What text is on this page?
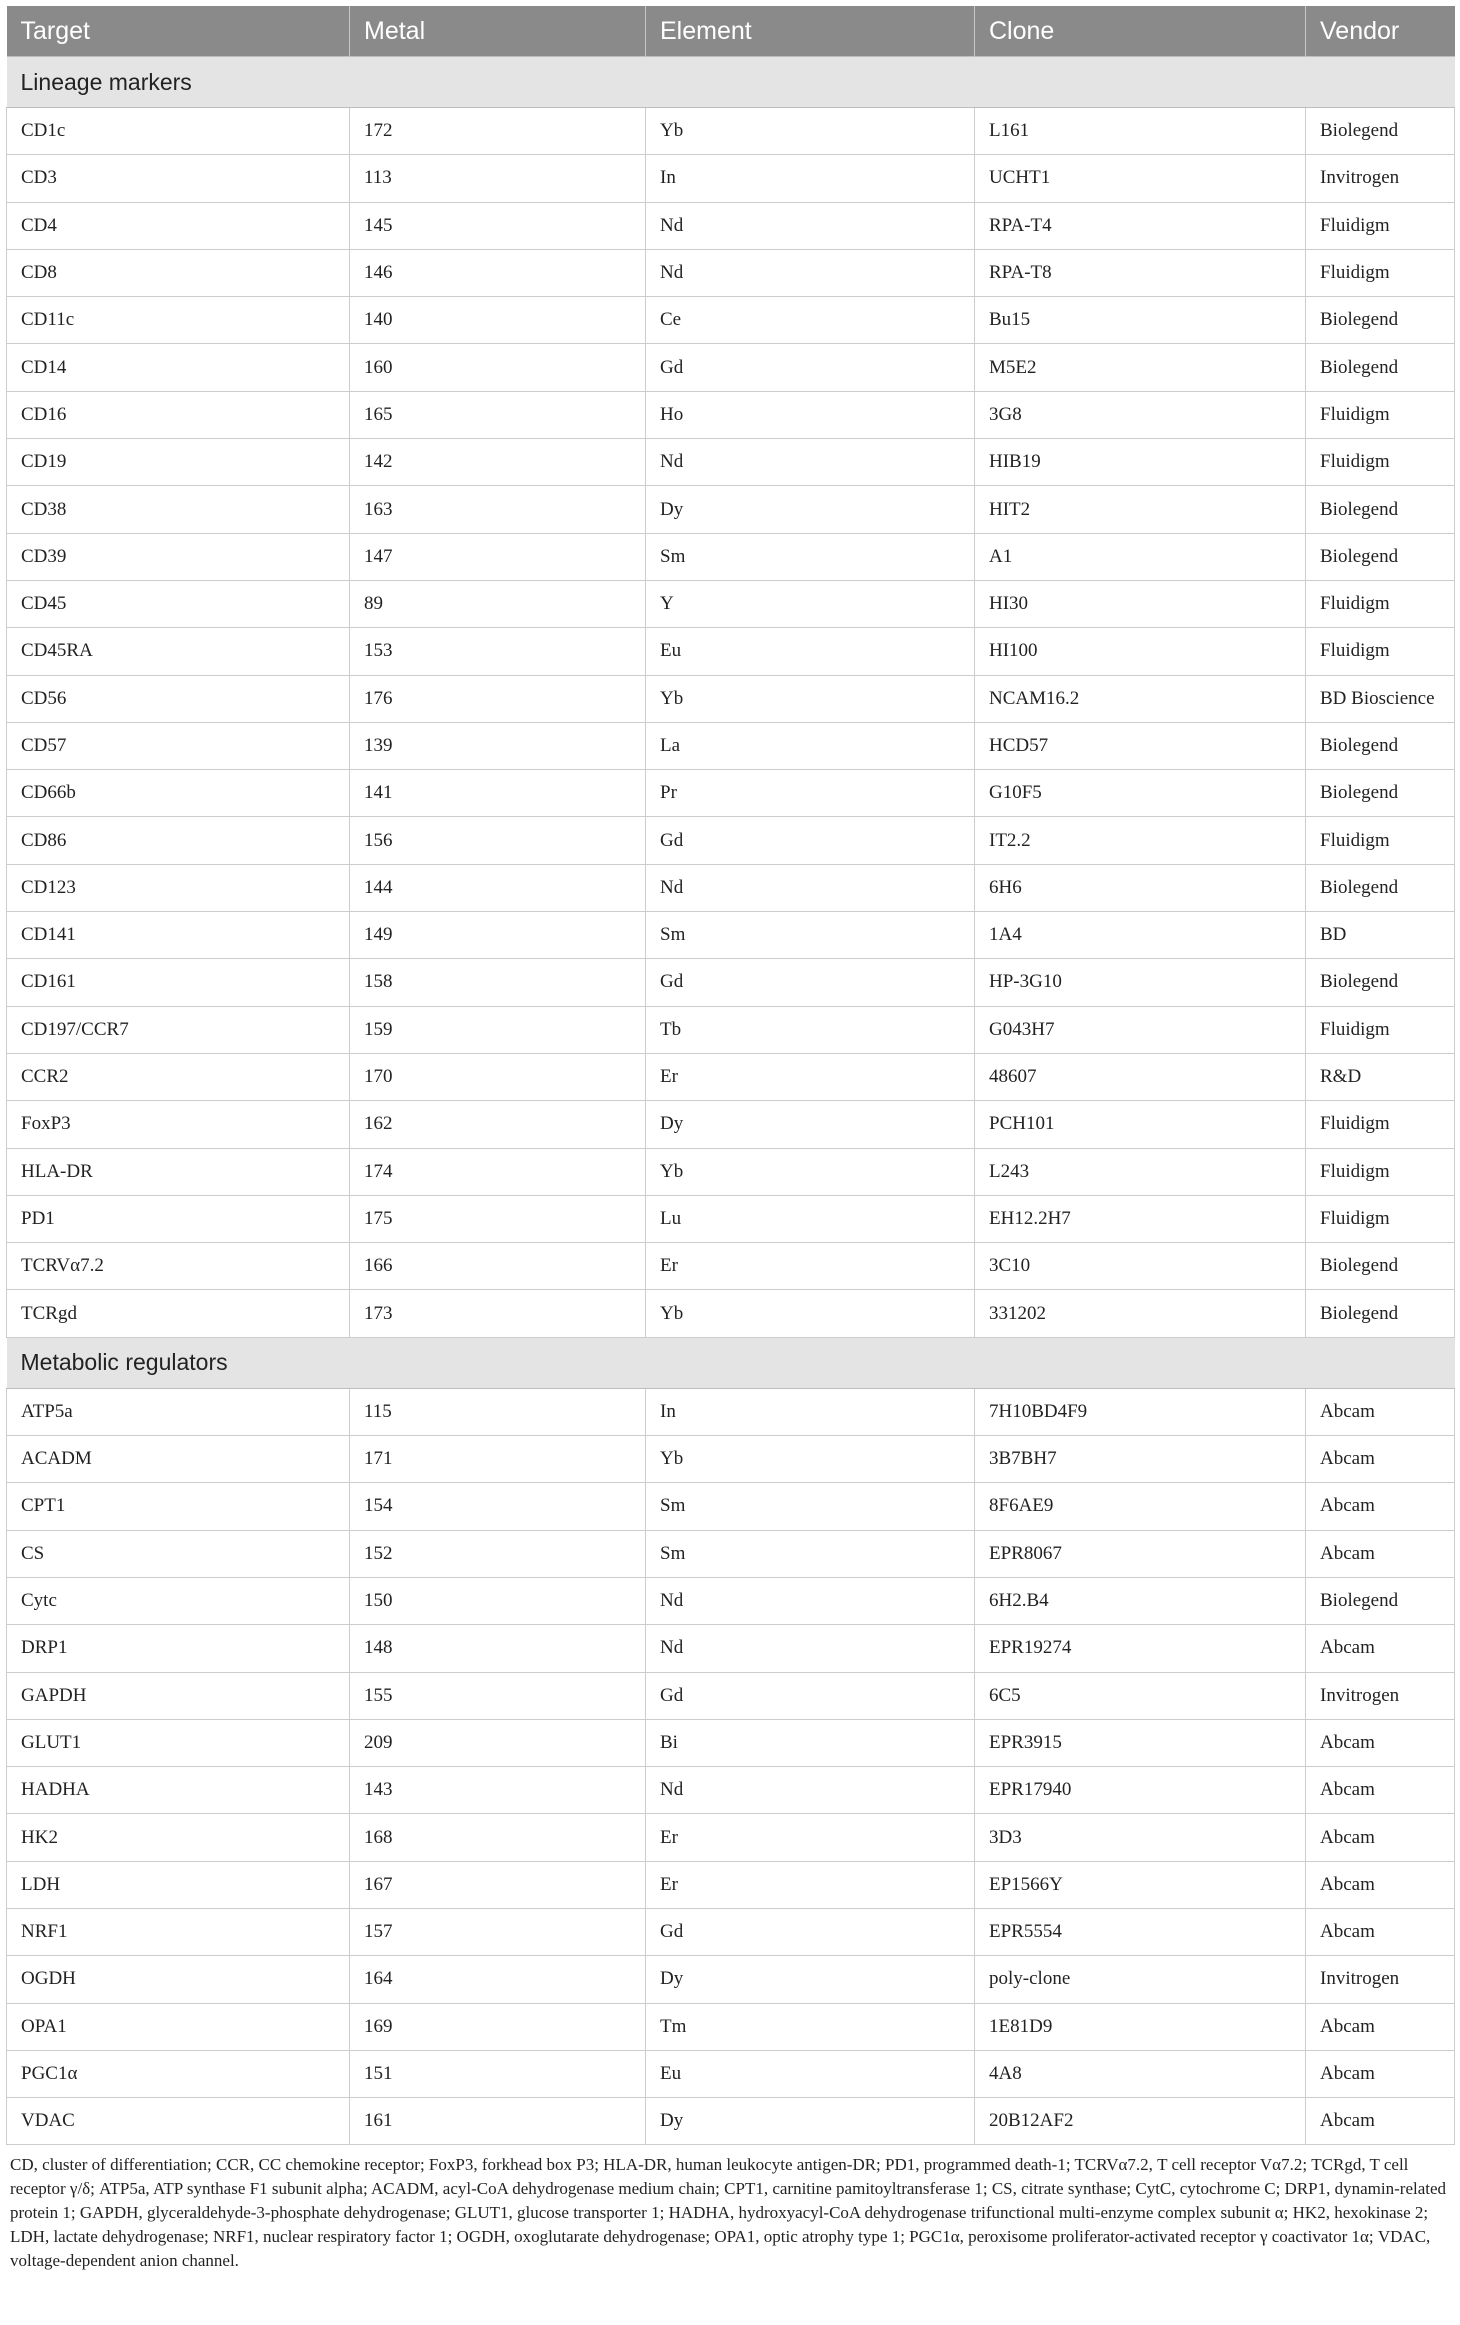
Target	Metal	Element	Clone	Vendor
Lineage markers				
CD1c	172	Yb	L161	Biolegend
CD3	113	In	UCHT1	Invitrogen
CD4	145	Nd	RPA-T4	Fluidigm
CD8	146	Nd	RPA-T8	Fluidigm
CD11c	140	Ce	Bu15	Biolegend
CD14	160	Gd	M5E2	Biolegend
CD16	165	Ho	3G8	Fluidigm
CD19	142	Nd	HIB19	Fluidigm
CD38	163	Dy	HIT2	Biolegend
CD39	147	Sm	A1	Biolegend
CD45	89	Y	HI30	Fluidigm
CD45RA	153	Eu	HI100	Fluidigm
CD56	176	Yb	NCAM16.2	BD Bioscience
CD57	139	La	HCD57	Biolegend
CD66b	141	Pr	G10F5	Biolegend
CD86	156	Gd	IT2.2	Fluidigm
CD123	144	Nd	6H6	Biolegend
CD141	149	Sm	1A4	BD
CD161	158	Gd	HP-3G10	Biolegend
CD197/CCR7	159	Tb	G043H7	Fluidigm
CCR2	170	Er	48607	R&D
FoxP3	162	Dy	PCH101	Fluidigm
HLA-DR	174	Yb	L243	Fluidigm
PD1	175	Lu	EH12.2H7	Fluidigm
TCRVα7.2	166	Er	3C10	Biolegend
TCRgd	173	Yb	331202	Biolegend
Metabolic regulators				
ATP5a	115	In	7H10BD4F9	Abcam
ACADM	171	Yb	3B7BH7	Abcam
CPT1	154	Sm	8F6AE9	Abcam
CS	152	Sm	EPR8067	Abcam
Cytc	150	Nd	6H2.B4	Biolegend
DRP1	148	Nd	EPR19274	Abcam
GAPDH	155	Gd	6C5	Invitrogen
GLUT1	209	Bi	EPR3915	Abcam
HADHA	143	Nd	EPR17940	Abcam
HK2	168	Er	3D3	Abcam
LDH	167	Er	EP1566Y	Abcam
NRF1	157	Gd	EPR5554	Abcam
OGDH	164	Dy	poly-clone	Invitrogen
OPA1	169	Tm	1E81D9	Abcam
PGC1α	151	Eu	4A8	Abcam
VDAC	161	Dy	20B12AF2	Abcam
CD, cluster of differentiation; CCR, CC chemokine receptor; FoxP3, forkhead box P3; HLA-DR, human leukocyte antigen-DR; PD1, programmed death-1; TCRVα7.2, T cell receptor Vα7.2; TCRgd, T cell receptor γ/δ; ATP5a, ATP synthase F1 subunit alpha; ACADM, acyl-CoA dehydrogenase medium chain; CPT1, carnitine pamitoyltransferase 1; CS, citrate synthase; CytC, cytochrome C; DRP1, dynamin-related protein 1; GAPDH, glyceraldehyde-3-phosphate dehydrogenase; GLUT1, glucose transporter 1; HADHA, hydroxyacyl-CoA dehydrogenase trifunctional multi-enzyme complex subunit α; HK2, hexokinase 2; LDH, lactate dehydrogenase; NRF1, nuclear respiratory factor 1; OGDH, oxoglutarate dehydrogenase; OPA1, optic atrophy type 1; PGC1α, peroxisome proliferator-activated receptor γ coactivator 1α; VDAC, voltage-dependent anion channel.
